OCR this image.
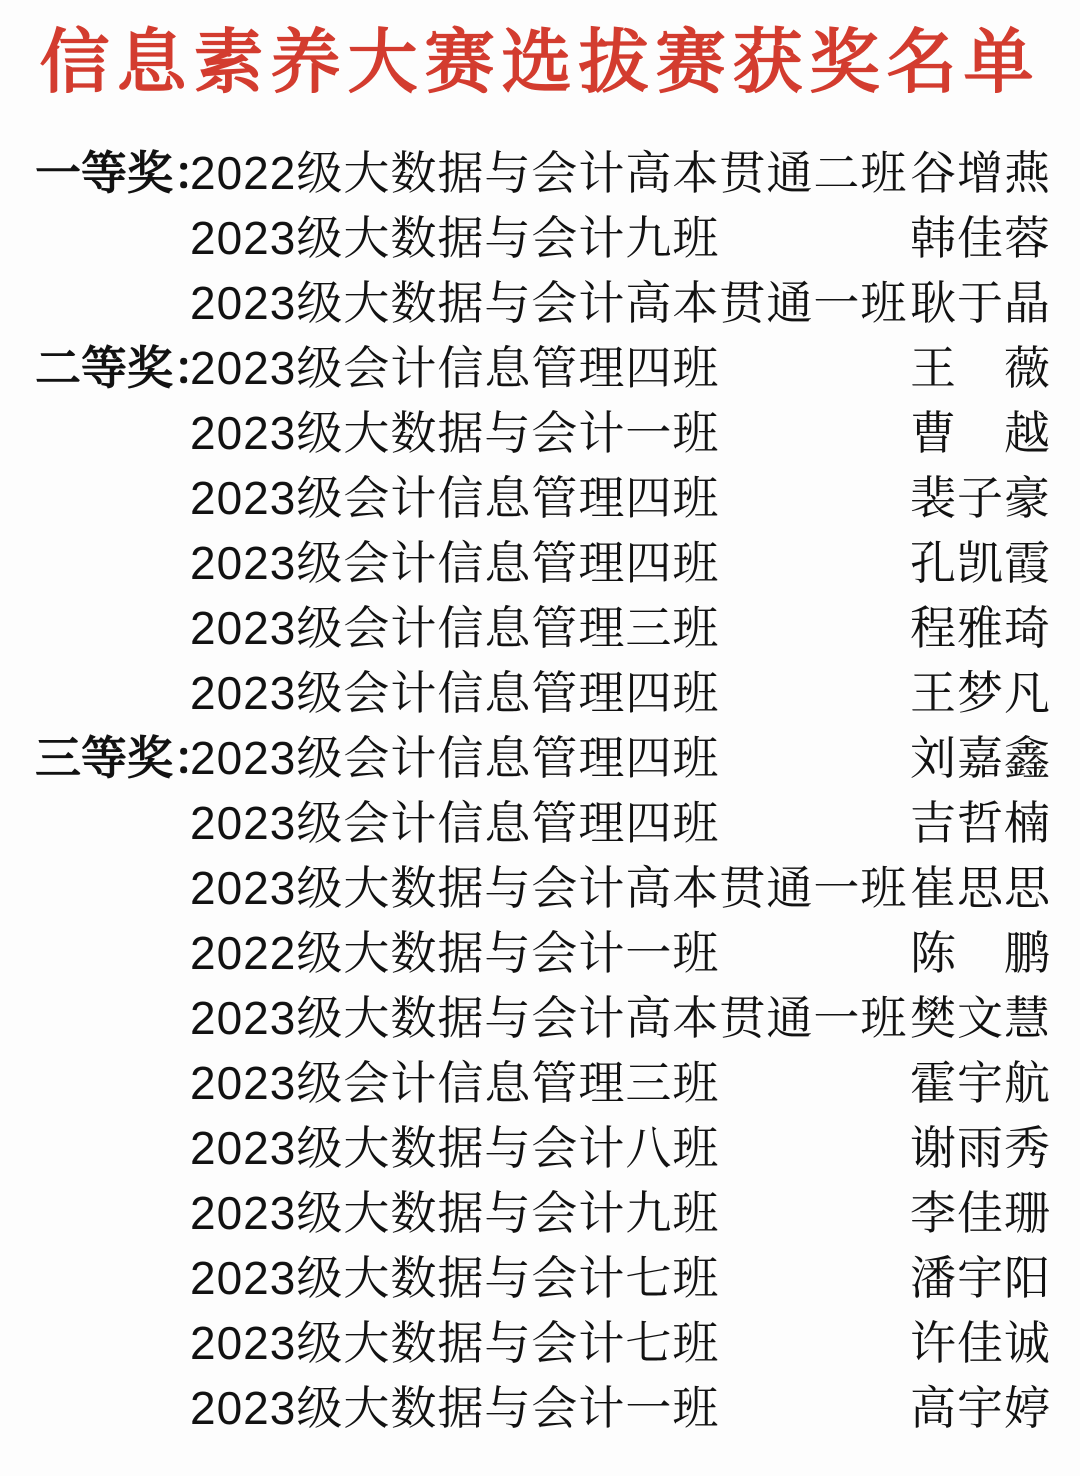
信息素养大赛选拔赛获奖名单
一等奖：
2022级大数据与会计高本贯通二班 谷增燕
2023级大数据与会计九班	韩佳蓉
2023级大数据与会计高本贯通一班 耿于晶
二等奖：
2023级会计信息管理四班	王　薇
2023级大数据与会计一班	曹　越
2023级会计信息管理四班	裴子豪
2023级会计信息管理四班	孔凯霞
2023级会计信息管理三班	程雅琦
2023级会计信息管理四班	王梦凡
三等奖：
2023级会计信息管理四班	刘嘉鑫
2023级会计信息管理四班	吉哲楠
2023级大数据与会计高本贯通一班 崔思思
2022级大数据与会计一班	陈　鹏
2023级大数据与会计高本贯通一班 樊文慧
2023级会计信息管理三班	霍宇航
2023级大数据与会计八班	谢雨秀
2023级大数据与会计九班	李佳珊
2023级大数据与会计七班	潘宇阳
2023级大数据与会计七班	许佳诚
2023级大数据与会计一班	高宇婷
